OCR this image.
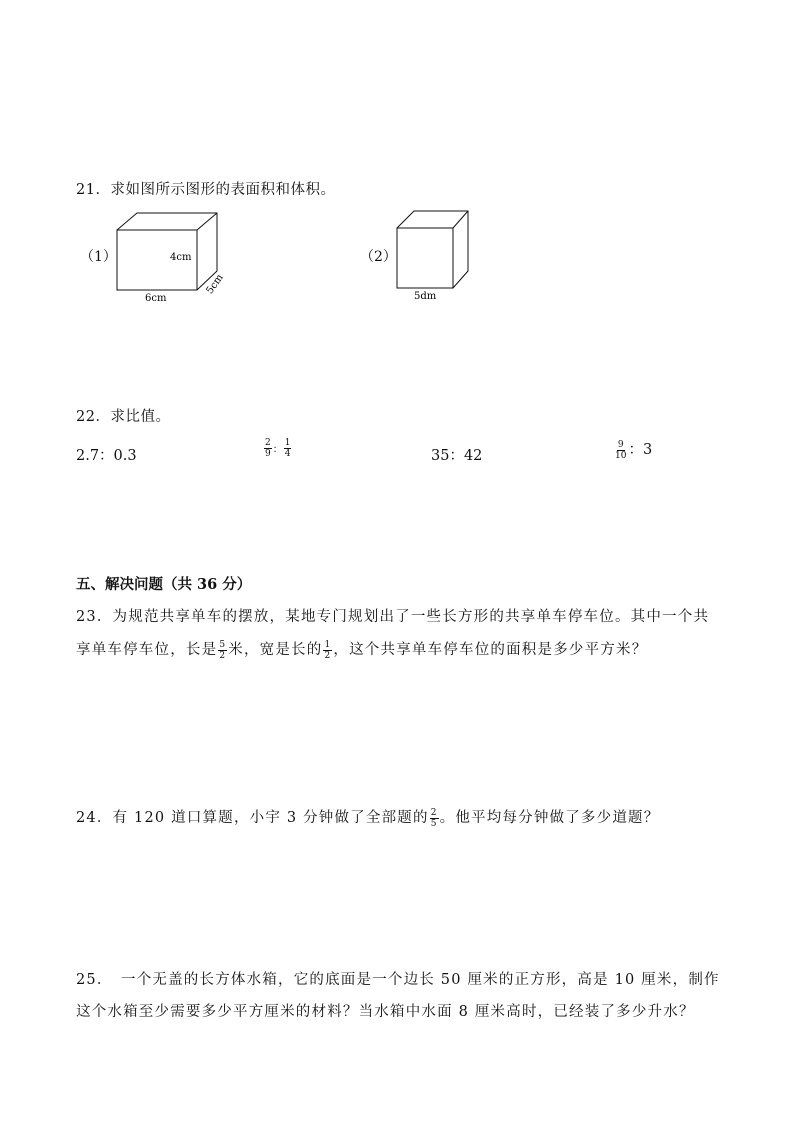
21．求如图所示图形的表面积和体积。
（1）	4cm
6cm
5cm
（2）
5dm
22．求比值。
2.7：0.3	$\frac{2}{9}$ ： $\frac{1}{4}$	35：42	$\frac{9}{10}$ ：3
五、解决问题（共 36 分）
23．为规范共享单车的摆放，某地专门规划出了一些长方形的共享单车停车位。其中一个共
享单车停车位，长是 $\frac{5}{2}$ 米，宽是长的 $\frac{1}{2}$ ，这个共享单车停车位的面积是多少平方米？
24．有 120 道口算题，小宇 3 分钟做了全部题的 $\frac{2}{5}$ 。他平均每分钟做了多少道题？
25．　一个无盖的长方体水箱，它的底面是一个边长 50 厘米的正方形，高是 10 厘米，制作
这个水箱至少需要多少平方厘米的材料？当水箱中水面 8 厘米高时，已经装了多少升水？
